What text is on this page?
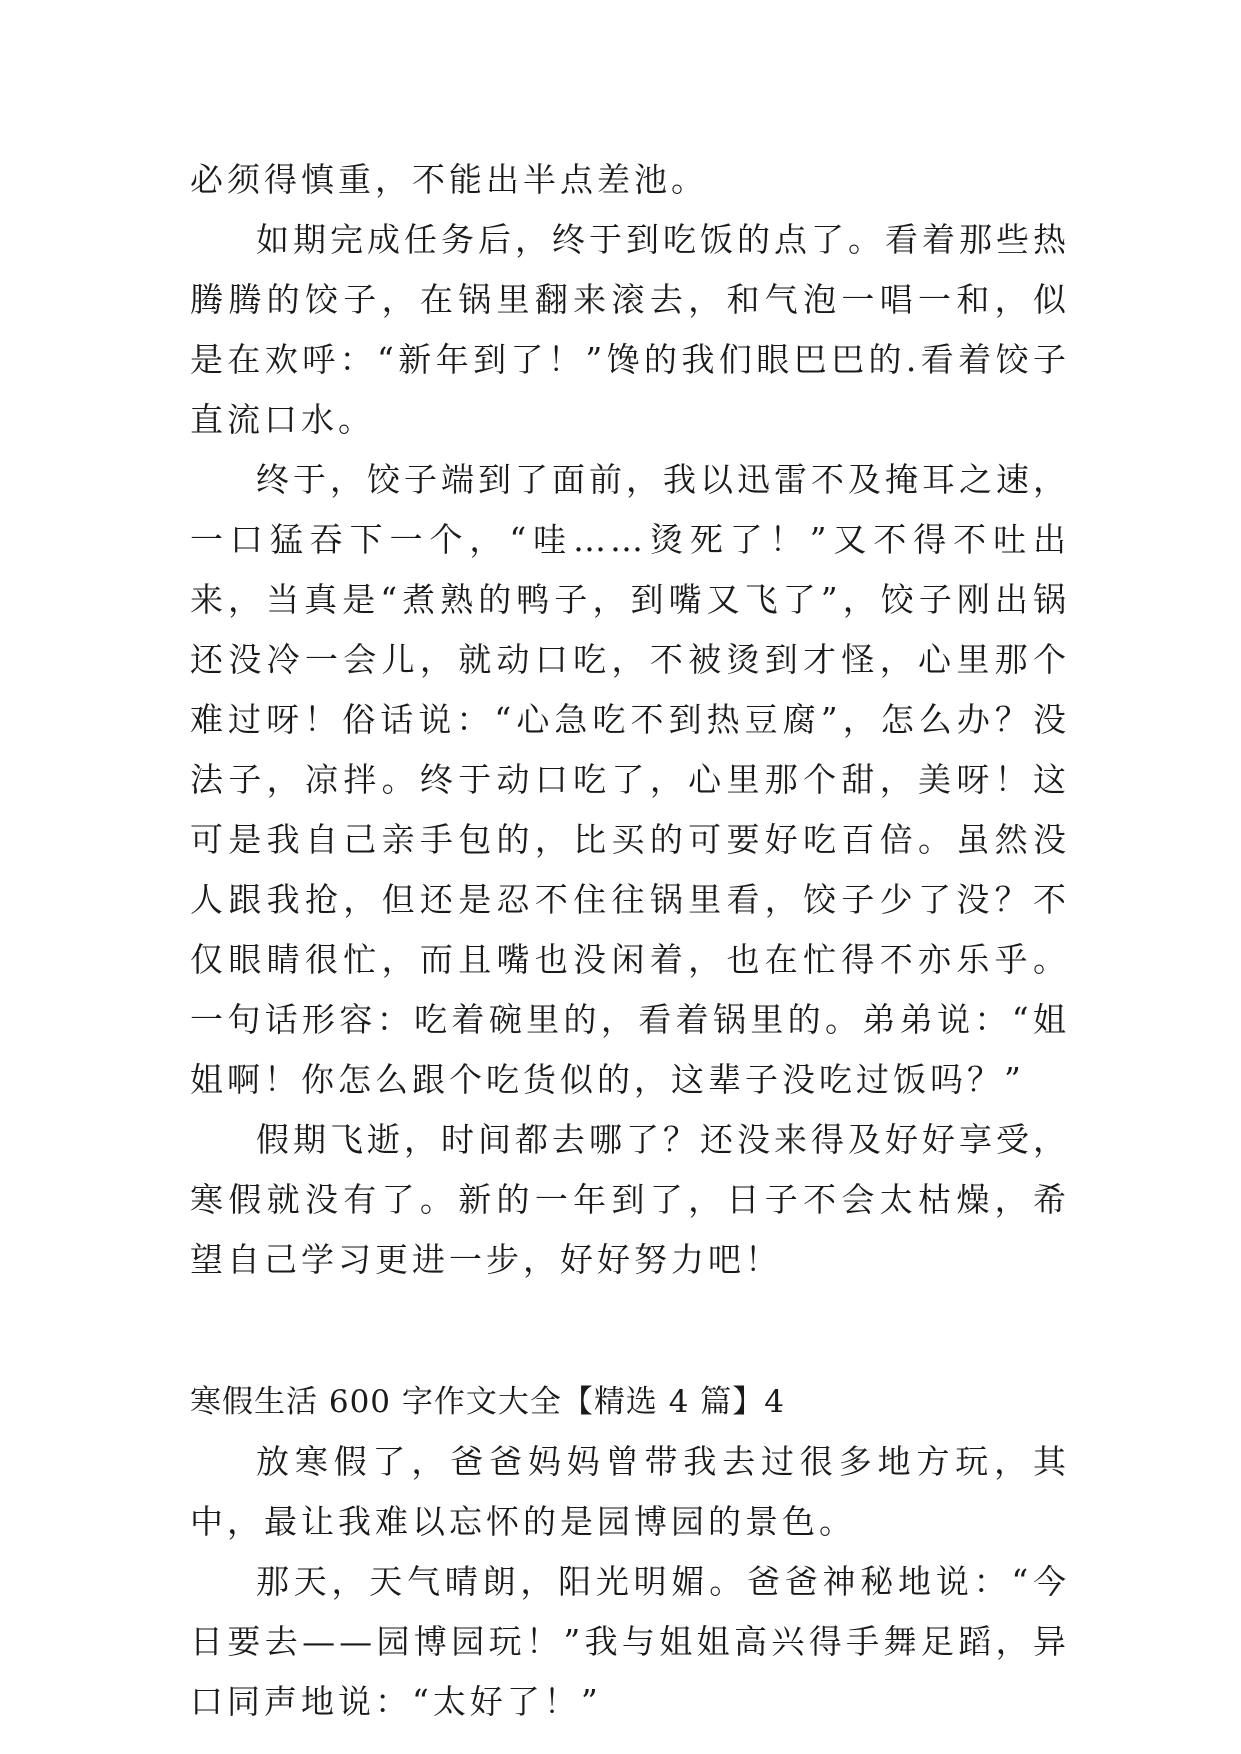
必须得慎重，不能出半点差池。

如期完成任务后，终于到吃饭的点了。看着那些热腾腾的饺子，在锅里翻来滚去，和气泡一唱一和，似是在欢呼：“新年到了！”馋的我们眼巴巴的.看着饺子直流口水。

终于，饺子端到了面前，我以迅雷不及掩耳之速，一口猛吞下一个，“哇……烫死了！”又不得不吐出来，当真是“煮熟的鸭子，到嘴又飞了”，饺子刚出锅还没冷一会儿，就动口吃，不被烫到才怪，心里那个难过呀！俗话说：“心急吃不到热豆腐”，怎么办？没法子，凉拌。终于动口吃了，心里那个甜，美呀！这可是我自己亲手包的，比买的可要好吃百倍。虽然没人跟我抢，但还是忍不住往锅里看，饺子少了没？不仅眼睛很忙，而且嘴也没闲着，也在忙得不亦乐乎。一句话形容：吃着碗里的，看着锅里的。弟弟说：“姐姐啊！你怎么跟个吃货似的，这辈子没吃过饭吗？”

假期飞逝，时间都去哪了？还没来得及好好享受，寒假就没有了。新的一年到了，日子不会太枯燥，希望自己学习更进一步，好好努力吧！

寒假生活 600 字作文大全【精选 4 篇】4

放寒假了，爸爸妈妈曾带我去过很多地方玩，其中，最让我难以忘怀的是园博园的景色。

那天，天气晴朗，阳光明媚。爸爸神秘地说：“今日要去——园博园玩！”我与姐姐高兴得手舞足蹈，异口同声地说：“太好了！”
